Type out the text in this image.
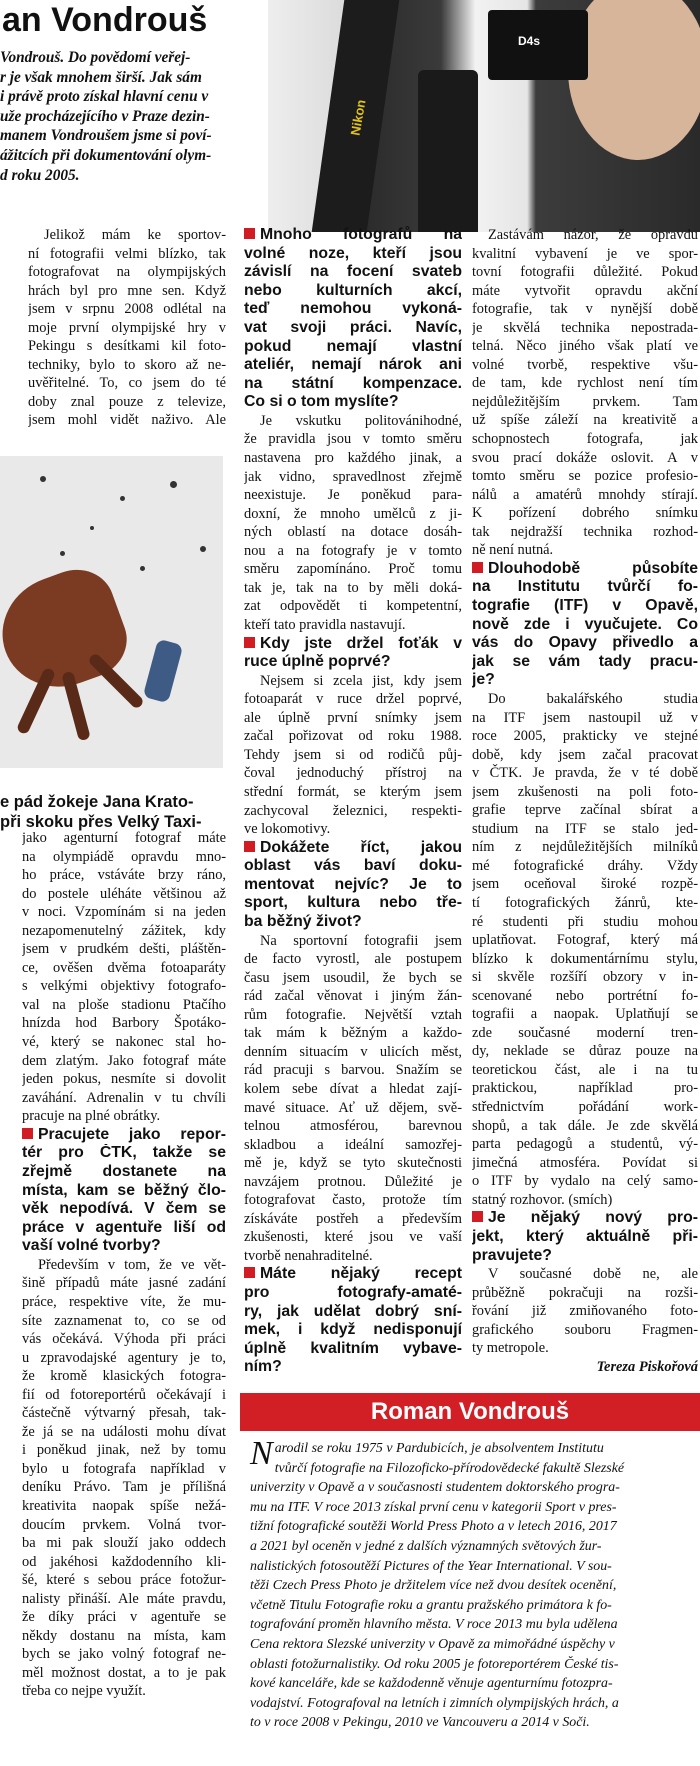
an Vondrouš
Vondrouš. Do povědomí veřej-
r je však mnohem širší. Jak sám
i právě proto získal hlavní cenu v
uže procházejícího v Praze dezin-
manem Vondroušem jsme si poví-
ážitcích při dokumentování olym-
d roku 2005.
Nikon
D4s
Jelikož mám ke sportov-
ní fotografii velmi blízko, tak
fotografovat na olympijských
hrách byl pro mne sen. Když
jsem v srpnu 2008 odlétal na
moje první olympijské hry v
Pekingu s desítkami kil foto-
techniky, bylo to skoro až ne-
uvěřitelné. To, co jsem do té
doby znal pouze z televize,
jsem mohl vidět naživo. Ale
e pád žokeje Jana Krato-
při skoku přes Velký Taxi-
jako agenturní fotograf máte
na olympiádě opravdu mno-
ho práce, vstáváte brzy ráno,
do postele uléháte většinou až
v noci. Vzpomínám si na jeden
nezapomenutelný zážitek, kdy
jsem v prudkém dešti, pláštěn-
ce, ověšen dvěma fotoaparáty
s velkými objektivy fotografo-
val na ploše stadionu Ptačího
hnízda hod Barbory Špotáko-
vé, který se nakonec stal ho-
dem zlatým. Jako fotograf máte
jeden pokus, nesmíte si dovolit
zaváhání. Adrenalin v tu chvíli
pracuje na plné obrátky.
Pracujete jako repor-
tér pro ČTK, takže se
zřejmě dostanete na
místa, kam se běžný člo-
věk nepodívá. V čem se
práce v agentuře liší od
vaší volné tvorby?
Především v tom, že ve vět-
šině případů máte jasné zadání
práce, respektive víte, že mu-
síte zaznamenat to, co se od
vás očekává. Výhoda při práci
u zpravodajské agentury je to,
že kromě klasických fotogra-
fií od fotoreportérů očekávají i
částečně výtvarný přesah, tak-
že já se na události mohu dívat
i poněkud jinak, než by tomu
bylo u fotografa například v
deníku Právo. Tam je přílišná
kreativita naopak spíše nežá-
doucím prvkem. Volná tvor-
ba mi pak slouží jako oddech
od jakéhosi každodenního kli-
šé, které s sebou práce fotožur-
nalisty přináší. Ale máte pravdu,
že díky práci v agentuře se
někdy dostanu na místa, kam
bych se jako volný fotograf ne-
měl možnost dostat, a to je pak
třeba co nejpe využít.
Mnoho fotografů na
volné noze, kteří jsou
závislí na focení svateb
nebo kulturních akcí,
teď nemohou vykoná-
vat svoji práci. Navíc,
pokud nemají vlastní
ateliér, nemají nárok ani
na státní kompenzace.
Co si o tom myslíte?
Je vskutku politovánihodné,
že pravidla jsou v tomto směru
nastavena pro každého jinak, a
jak vidno, spravedlnost zřejmě
neexistuje. Je poněkud para-
doxní, že mnoho umělců z ji-
ných oblastí na dotace dosáh-
nou a na fotografy je v tomto
směru zapomínáno. Proč tomu
tak je, tak na to by měli doká-
zat odpovědět ti kompetentní,
kteří tato pravidla nastavují.
Kdy jste držel foťák v
ruce úplně poprvé?
Nejsem si zcela jist, kdy jsem
fotoaparát v ruce držel poprvé,
ale úplně první snímky jsem
začal pořizovat od roku 1988.
Tehdy jsem si od rodičů půj-
čoval jednoduchý přístroj na
střední formát, se kterým jsem
zachycoval železnici, respekti-
ve lokomotivy.
Dokážete říct, jakou
oblast vás baví doku-
mentovat nejvíc? Je to
sport, kultura nebo tře-
ba běžný život?
Na sportovní fotografii jsem
de facto vyrostl, ale postupem
času jsem usoudil, že bych se
rád začal věnovat i jiným žán-
rům fotografie. Největší vztah
tak mám k běžným a každo-
denním situacím v ulicích měst,
rád pracuji s barvou. Snažím se
kolem sebe dívat a hledat zají-
mavé situace. Ať už dějem, svě-
telnou atmosférou, barevnou
skladbou a ideální samozřej-
mě je, když se tyto skutečnosti
navzájem protnou. Důležité je
fotografovat často, protože tím
získáváte postřeh a především
zkušenosti, které jsou ve vaší
tvorbě nenahraditelné.
Máte nějaký recept
pro fotografy-amaté-
ry, jak udělat dobrý sní-
mek, i když nedisponují
úplně kvalitním vybave-
ním?
Zastávám názor, že opravdu
kvalitní vybavení je ve spor-
tovní fotografii důležité. Pokud
máte vytvořit opravdu akční
fotografie, tak v nynější době
je skvělá technika nepostrada-
telná. Něco jiného však platí ve
volné tvorbě, respektive všu-
de tam, kde rychlost není tím
nejdůležitějším prvkem. Tam
už spíše záleží na kreativitě a
schopnostech fotografa, jak
svou prací dokáže oslovit. A v
tomto směru se pozice profesio-
nálů a amatérů mnohdy stírají.
K pořízení dobrého snímku
tak nejdražší technika rozhod-
ně není nutná.
Dlouhodobě působíte
na Institutu tvůrčí fo-
tografie (ITF) v Opavě,
nově zde i vyučujete. Co
vás do Opavy přivedlo a
jak se vám tady pracu-
je?
Do bakalářského studia
na ITF jsem nastoupil už v
roce 2005, prakticky ve stejné
době, kdy jsem začal pracovat
v ČTK. Je pravda, že v té době
jsem zkušenosti na poli foto-
grafie teprve začínal sbírat a
studium na ITF se stalo jed-
ním z nejdůležitějších milníků
mé fotografické dráhy. Vždy
jsem oceňoval široké rozpě-
tí fotografických žánrů, kte-
ré studenti při studiu mohou
uplatňovat. Fotograf, který má
blízko k dokumentárnímu stylu,
si skvěle rozšíří obzory v in-
scenované nebo portrétní fo-
tografii a naopak. Uplatňují se
zde současné moderní tren-
dy, neklade se důraz pouze na
teoretickou část, ale i na tu
praktickou, například pro-
střednictvím pořádání work-
shopů, a tak dále. Je zde skvělá
parta pedagogů a studentů, vý-
jimečná atmosféra. Povídat si
o ITF by vydalo na celý samo-
statný rozhovor. (smích)
Je nějaký nový pro-
jekt, který aktuálně při-
pravujete?
V současné době ne, ale
průběžně pokračuji na rozši-
řování již zmiňovaného foto-
grafického souboru Fragmen-
ty metropole.
Tereza Piskořová
Roman Vondrouš
N arodil se roku 1975 v Pardubicích, je absolventem Institutu
tvůrčí fotografie na Filozoficko-přírodovědecké fakultě Slezské
univerzity v Opavě a v současnosti studentem doktorského progra-
mu na ITF. V roce 2013 získal první cenu v kategorii Sport v pres-
tižní fotografické soutěži World Press Photo a v letech 2016, 2017
a 2021 byl oceněn v jedné z dalších významných světových žur-
nalistických fotosoutěží Pictures of the Year International. V sou-
těži Czech Press Photo je držitelem více než dvou desítek ocenění,
včetně Titulu Fotografie roku a grantu pražského primátora k fo-
tografování proměn hlavního města. V roce 2013 mu byla udělena
Cena rektora Slezské univerzity v Opavě za mimořádné úspěchy v
oblasti fotožurnalistiky. Od roku 2005 je fotoreportérem České tis-
kové kanceláře, kde se každodenně věnuje agenturnímu fotozpra-
vodajství. Fotografoval na letních i zimních olympijských hrách, a
to v roce 2008 v Pekingu, 2010 ve Vancouveru a 2014 v Soči.
